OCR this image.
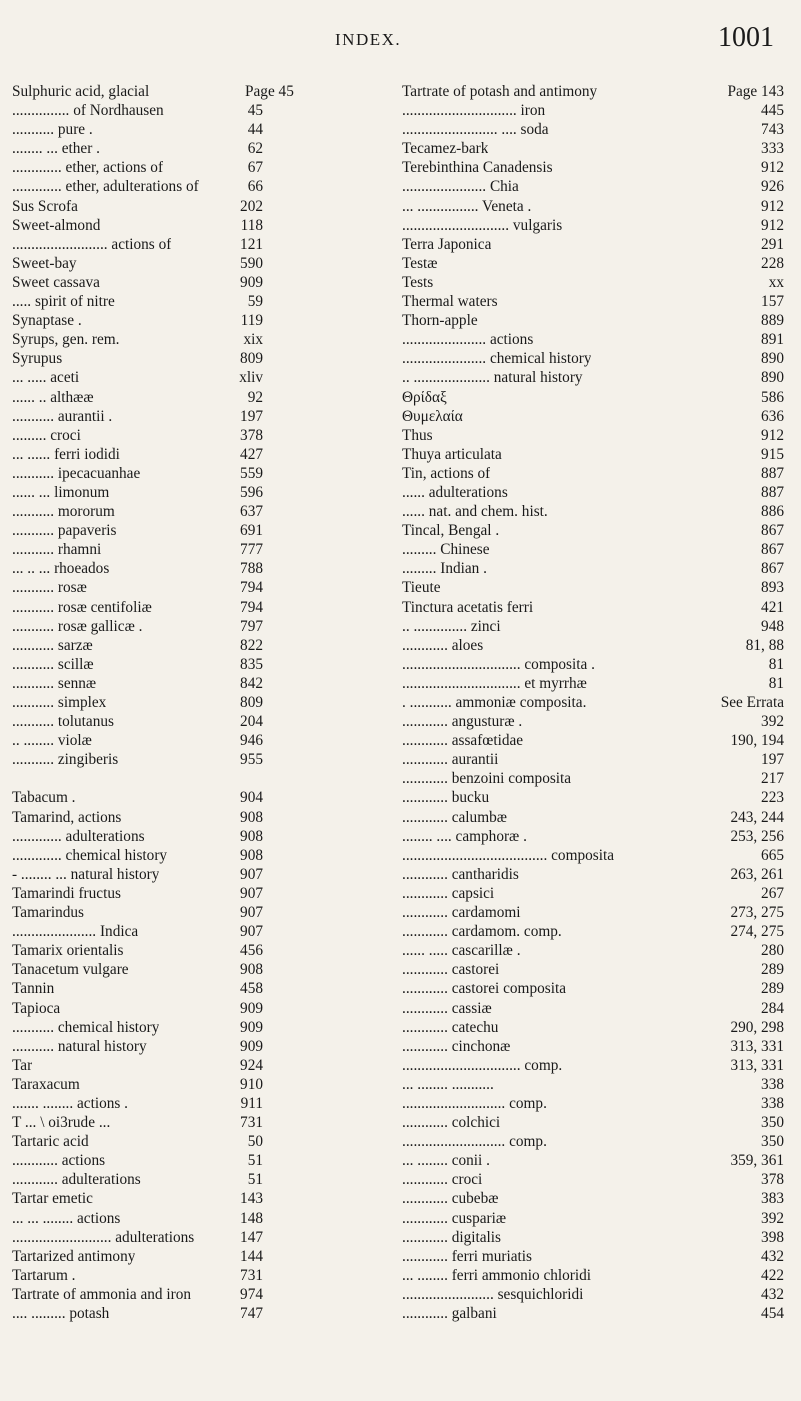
INDEX.	1001
Sulphuric acid, glacial	Page 45
............... of Nordhausen	45
........... pure .	44
........ ... ether .	62
............. ether, actions of	67
............. ether, adulterations of	66
Sus Scrofa	202
Sweet-almond	118
......................... actions of	121
Sweet-bay	590
Sweet cassava	909
..... spirit of nitre	59
Synaptase .	119
Syrups, gen. rem.	xix
Syrupus	809
... ..... aceti	xliv
...... .. althææ	92
........... aurantii .	197
......... croci	378
... ...... ferri iodidi	427
........... ipecacuanhae	559
...... ... limonum	596
........... mororum	637
........... papaveris	691
........... rhamni	777
... .. ... rhoeados	788
........... rosæ	794
........... rosæ centifoliæ	794
........... rosæ gallicæ .	797
........... sarzæ	822
........... scillæ	835
........... sennæ	842
........... simplex	809
........... tolutanus	204
.. ........ violæ	946
........... zingiberis	955
Tabacum .	904
Tamarind, actions	908
............. adulterations	908
............. chemical history	908
- ........ ... natural history	907
Tamarindi fructus	907
Tamarindus	907
...................... Indica	907
Tamarix orientalis	456
Tanacetum vulgare	908
Tannin	458
Tapioca	909
........... chemical history	909
........... natural history	909
Tar	924
Taraxacum	910
....... ........ actions .	911
T ... \ oi3rude ...	731
Tartaric acid	50
............ actions	51
............ adulterations	51
Tartar emetic	143
... ... ........ actions	148
.......................... adulterations	147
Tartarized antimony	144
Tartarum .	731
Tartrate of ammonia and iron	974
.... ......... potash	747
Tartrate of potash and antimony	Page 143
.............................. iron	445
......................... .... soda	743
Tecamez-bark	333
Terebinthina Canadensis	912
...................... Chia	926
... ................ Veneta .	912
............................ vulgaris	912
Terra Japonica	291
Testæ	228
Tests	xx
Thermal waters	157
Thorn-apple	889
...................... actions	891
...................... chemical history	890
.. .................... natural history	890
Θρίδαξ	586
Θυμελαία	636
Thus	912
Thuya articulata	915
Tin, actions of	887
...... adulterations	887
...... nat. and chem. hist.	886
Tincal, Bengal .	867
......... Chinese	867
......... Indian .	867
Tieute	893
Tinctura acetatis ferri	421
.. .............. zinci	948
............ aloes	81, 88
............................... composita .	81
............................... et myrrhæ	81
. ........... ammoniæ composita.	See Errata
............ angusturæ .	392
............ assafœtidae	190, 194
............ aurantii	197
............ benzoini composita	217
............ bucku	223
............ calumbæ	243, 244
........ .... camphoræ .	253, 256
...................................... composita	665
............ cantharidis	263, 261
............ capsici	267
............ cardamomi	273, 275
............ cardamom. comp.	274, 275
...... ..... cascarillæ .	280
............ castorei	289
............ castorei composita	289
............ cassiæ	284
............ catechu	290, 298
............ cinchonæ	313, 331
............................... comp.	313, 331
... ........ ...........	338
........................... comp.	338
............ colchici	350
........................... comp.	350
... ........ conii .	359, 361
............ croci	378
............ cubebæ	383
............ cuspariæ	392
............ digitalis	398
............ ferri muriatis	432
... ........ ferri ammonio chloridi	422
........................ sesquichloridi	432
............ galbani	454
